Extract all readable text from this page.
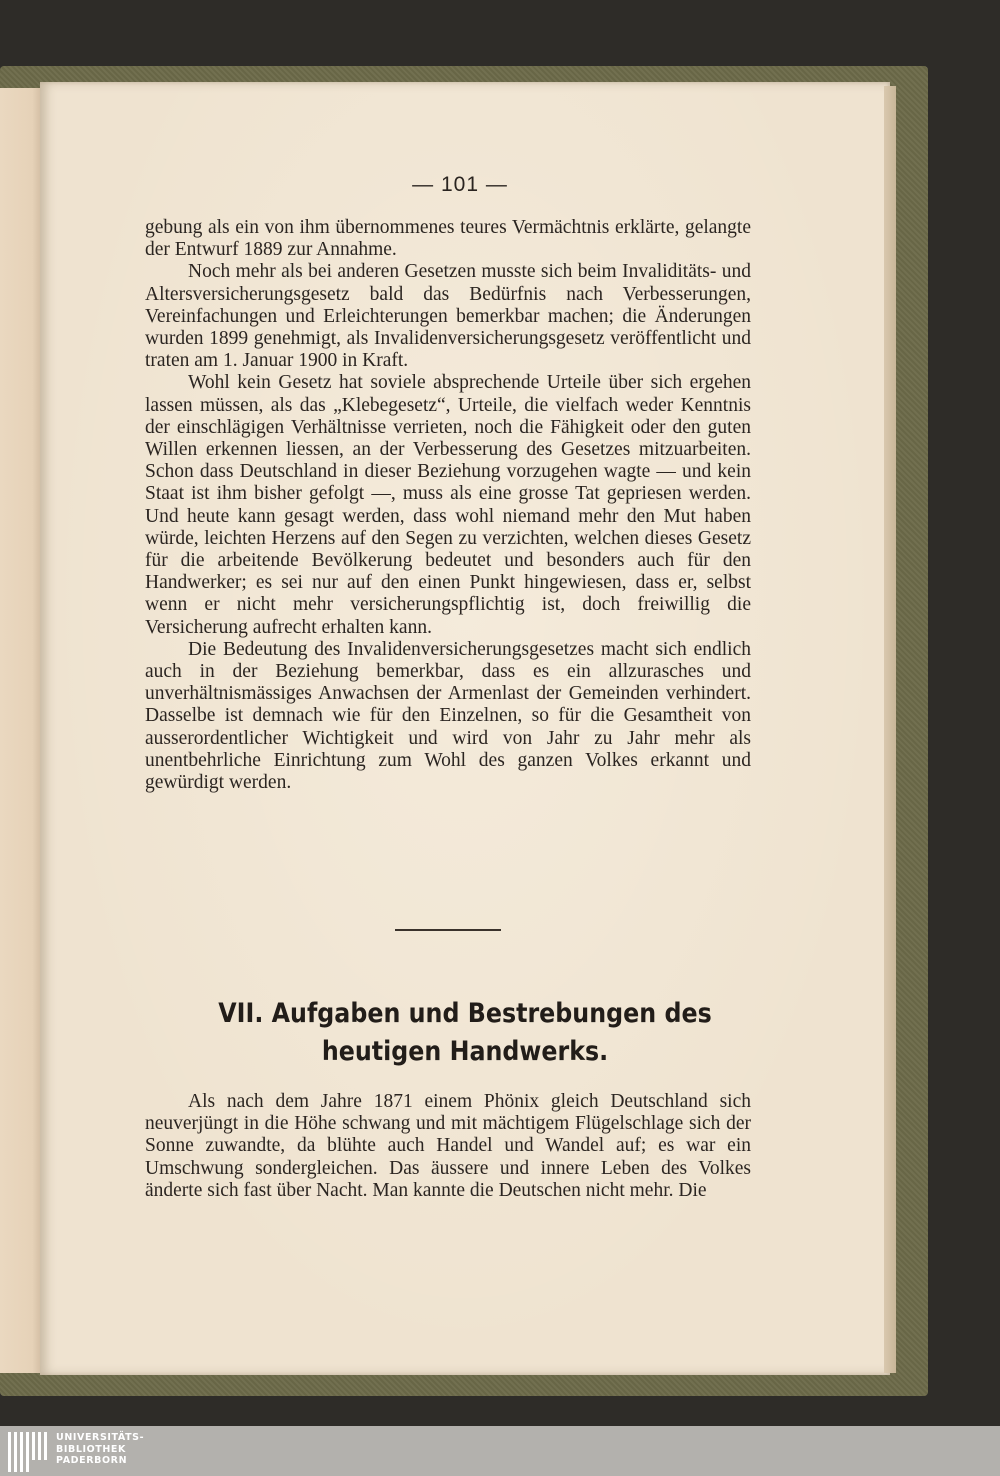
— 101 —

gebung als ein von ihm übernommenes teures Vermächtnis erklärte, gelangte der Entwurf 1889 zur Annahme.

Noch mehr als bei anderen Gesetzen musste sich beim Invaliditäts- und Altersversicherungsgesetz bald das Bedürfnis nach Verbesserungen, Vereinfachungen und Erleichterungen bemerkbar machen; die Änderungen wurden 1899 genehmigt, als Invalidenversicherungsgesetz veröffentlicht und traten am 1. Januar 1900 in Kraft.

Wohl kein Gesetz hat soviele absprechende Urteile über sich ergehen lassen müssen, als das „Klebegesetz“, Urteile, die vielfach weder Kenntnis der einschlägigen Verhältnisse verrieten, noch die Fähigkeit oder den guten Willen erkennen liessen, an der Verbesserung des Gesetzes mitzuarbeiten. Schon dass Deutschland in dieser Beziehung vorzugehen wagte — und kein Staat ist ihm bisher gefolgt —, muss als eine grosse Tat gepriesen werden. Und heute kann gesagt werden, dass wohl niemand mehr den Mut haben würde, leichten Herzens auf den Segen zu verzichten, welchen dieses Gesetz für die arbeitende Bevölkerung bedeutet und besonders auch für den Handwerker; es sei nur auf den einen Punkt hingewiesen, dass er, selbst wenn er nicht mehr versicherungspflichtig ist, doch freiwillig die Versicherung aufrecht erhalten kann.

Die Bedeutung des Invalidenversicherungsgesetzes macht sich endlich auch in der Beziehung bemerkbar, dass es ein allzurasches und unverhältnismässiges Anwachsen der Armenlast der Gemeinden verhindert. Dasselbe ist demnach wie für den Einzelnen, so für die Gesamtheit von ausserordentlicher Wichtigkeit und wird von Jahr zu Jahr mehr als unentbehrliche Einrichtung zum Wohl des ganzen Volkes erkannt und gewürdigt werden.

VII. Aufgaben und Bestrebungen des
heutigen Handwerks.

Als nach dem Jahre 1871 einem Phönix gleich Deutschland sich neuverjüngt in die Höhe schwang und mit mächtigem Flügelschlage sich der Sonne zuwandte, da blühte auch Handel und Wandel auf; es war ein Umschwung sondergleichen. Das äussere und innere Leben des Volkes änderte sich fast über Nacht. Man kannte die Deutschen nicht mehr. Die

UNIVERSITÄTS-
BIBLIOTHEK
PADERBORN
